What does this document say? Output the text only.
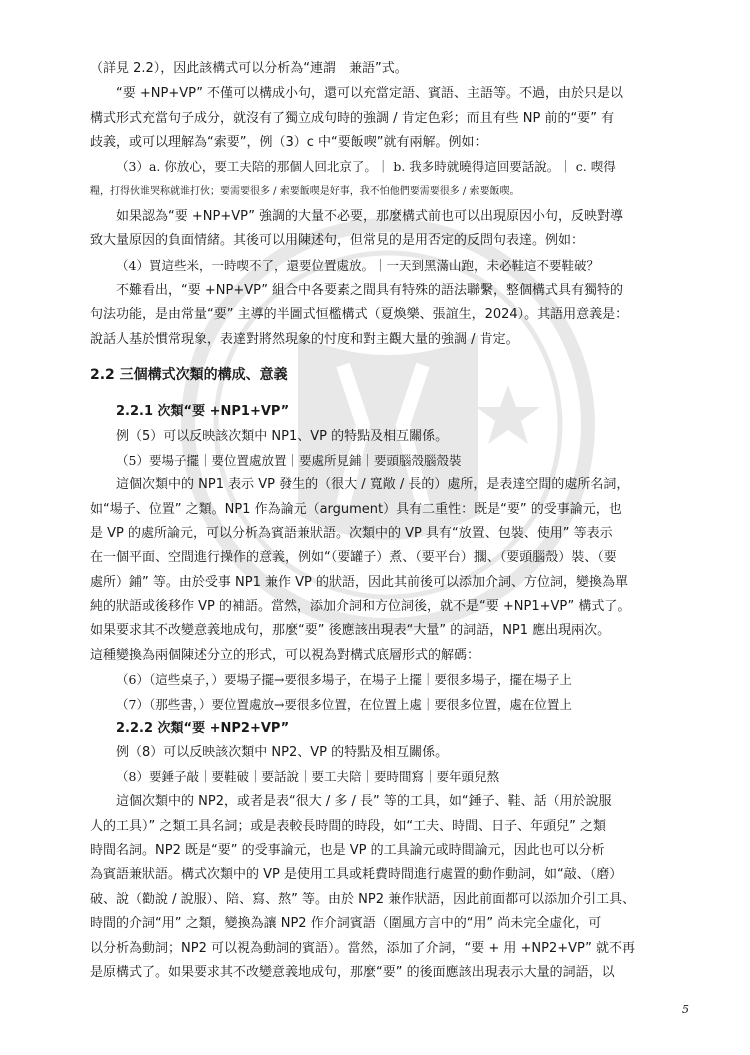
（詳見 2.2），因此該構式可以分析為“連謂　兼語”式。
“要 +NP+VP” 不僅可以構成小句，還可以充當定語、賓語、主語等。不過，由於只是以
構式形式充當句子成分，就沒有了獨立成句時的強調 / 肯定色彩；而且有些 NP 前的“要” 有
歧義，或可以理解為“索要”，例（3）c 中“要飯喫”就有兩解。例如：
（3）a. 你放心，要工夫陪的那個人回北京了。｜ b. 我多時就曉得這回要話說。｜ c. 喫得
糧，打得伙谁哭称就谁打伙；要需要很多 / 索要飯喫是好事，我不怕他們要需要很多 / 索要飯喫。
如果認為“要 +NP+VP” 強調的大量不必要，那麼構式前也可以出現原因小句，反映對導
致大量原因的負面情緒。其後可以用陳述句，但常見的是用否定的反問句表達。例如：
（4）買這些米，一時喫不了，還要位置處放。｜一天到黑滿山跑，未必鞋這不要鞋破？
不難看出，“要 +NP+VP” 組合中各要素之間具有特殊的語法聯繫，整個構式具有獨特的
句法功能，是由常量“要” 主導的半圖式恒檻構式（夏煥樂、張誼生，2024）。其語用意義是：
說話人基於慣常現象，表達對將然現象的忖度和對主觀大量的強調 / 肯定。
2.2 三個構式次類的構成、意義
2.2.1 次類“要 +NP1+VP”
例（5）可以反映該次類中 NP1、VP 的特點及相互關係。
（5）要場子擺｜要位置處放置｜要處所見鋪｜要頭腦殼腦殼裝
這個次類中的 NP1 表示 VP 發生的（很大 / 寬敞 / 長的）處所，是表達空間的處所名詞，
如“場子、位置” 之類。NP1 作為論元（argument）具有二重性：既是“要” 的受事論元，也
是 VP 的處所論元，可以分析為賓語兼狀語。次類中的 VP 具有“放置、包裝、使用” 等表示
在一個平面、空間進行操作的意義，例如“（要罐子）煮、（要平台）擱、（要頭腦殼）裝、（要
處所）鋪” 等。由於受事 NP1 兼作 VP 的狀語，因此其前後可以添加介詞、方位詞，變換為單
純的狀語或後移作 VP 的補語。當然，添加介詞和方位詞後，就不是“要 +NP1+VP” 構式了。
如果要求其不改變意義地成句，那麼“要” 後應該出現表“大量” 的詞語，NP1 應出現兩次。
這種變換為兩個陳述分立的形式，可以視為對構式底層形式的解碼：
（6）（這些桌子，）要場子擺→要很多場子，在場子上擺｜要很多場子，擺在場子上
（7）（那些書，）要位置處放→要很多位置，在位置上處｜要很多位置，處在位置上
2.2.2 次類“要 +NP2+VP”
例（8）可以反映該次類中 NP2、VP 的特點及相互關係。
（8）要錘子敲｜要鞋破｜要話說｜要工夫陪｜要時間寫｜要年頭兒熬
這個次類中的 NP2，或者是表“很大 / 多 / 長” 等的工具，如“錘子、鞋、話（用於說服
人的工具）” 之類工具名詞；或是表較長時間的時段，如“工夫、時間、日子、年頭兒” 之類
時間名詞。NP2 既是“要” 的受事論元，也是 VP 的工具論元或時間論元，因此也可以分析
為賓語兼狀語。構式次類中的 VP 是使用工具或耗費時間進行處置的動作動詞，如“敲、（磨）
破、說（勸說 / 說服）、陪、寫、熬” 等。由於 NP2 兼作狀語，因此前面都可以添加介引工具、
時間的介詞“用” 之類，變換為讓 NP2 作介詞賓語（圍風方言中的“用” 尚未完全虛化，可
以分析為動詞；NP2 可以視為動詞的賓語）。當然，添加了介詞，“要 + 用 +NP2+VP” 就不再
是原構式了。如果要求其不改變意義地成句，那麼“要” 的後面應該出現表示大量的詞語，以
5
